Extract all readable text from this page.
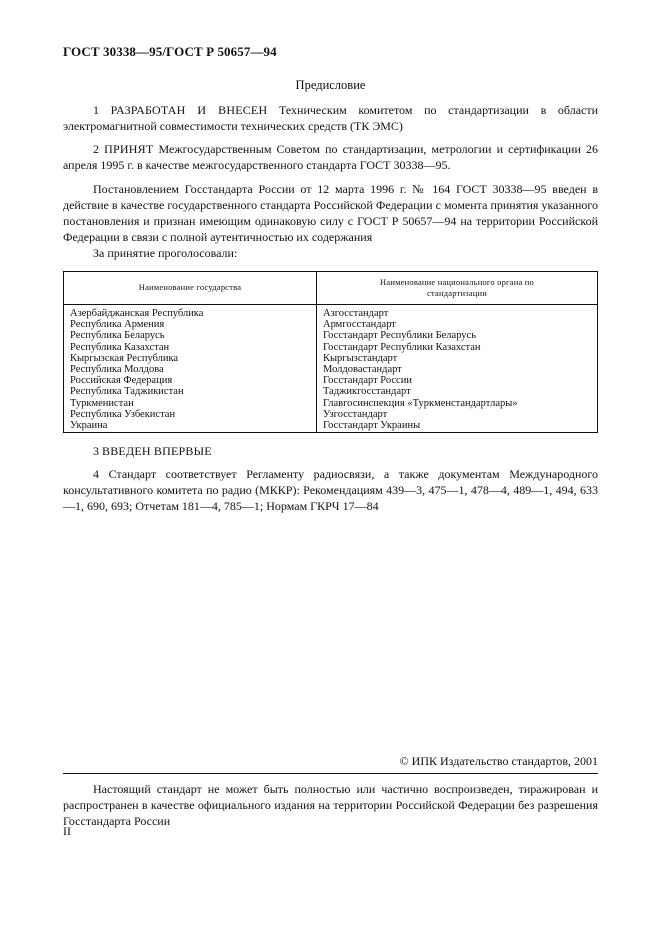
ГОСТ 30338—95/ГОСТ Р 50657—94
Предисловие
1 РАЗРАБОТАН И ВНЕСЕН Техническим комитетом по стандартизации в области электромагнитной совместимости технических средств (ТК ЭМС)
2 ПРИНЯТ Межгосударственным Советом по стандартизации, метрологии и сертификации 26 апреля 1995 г. в качестве межгосударственного стандарта ГОСТ 30338—95.
Постановлением Госстандарта России от 12 марта 1996 г. № 164 ГОСТ 30338—95 введен в действие в качестве государственного стандарта Российской Федерации с момента принятия указанного постановления и признан имеющим одинаковую силу с ГОСТ Р 50657—94 на территории Российской Федерации в связи с полной аутентичностью их содержания
За принятие проголосовали:
Наименование государства	Наименование национального органа по стандартизации
Азербайджанская Республика	Азгосстандарт
Республика Армения	Армгосстандарт
Республика Беларусь	Госстандарт Республики Беларусь
Республика Казахстан	Госстандарт Республики Казахстан
Кыргызская Республика	Кыргызстандарт
Республика Молдова	Молдовастандарт
Российская Федерация	Госстандарт России
Республика Таджикистан	Таджикгосстандарт
Туркменистан	Главгосинспекция «Туркменстандартлары»
Республика Узбекистан	Узгосстандарт
Украина	Госстандарт Украины
3 ВВЕДЕН ВПЕРВЫЕ
4 Стандарт соответствует Регламенту радиосвязи, а также документам Международного консультативного комитета по радио (МККР): Рекомендациям 439—3, 475—1, 478—4, 489—1, 494, 633—1, 690, 693; Отчетам 181—4, 785—1; Нормам ГКРЧ 17—84
© ИПК Издательство стандартов, 2001
Настоящий стандарт не может быть полностью или частично воспроизведен, тиражирован и распространен в качестве официального издания на территории Российской Федерации без разрешения Госстандарта России
II
